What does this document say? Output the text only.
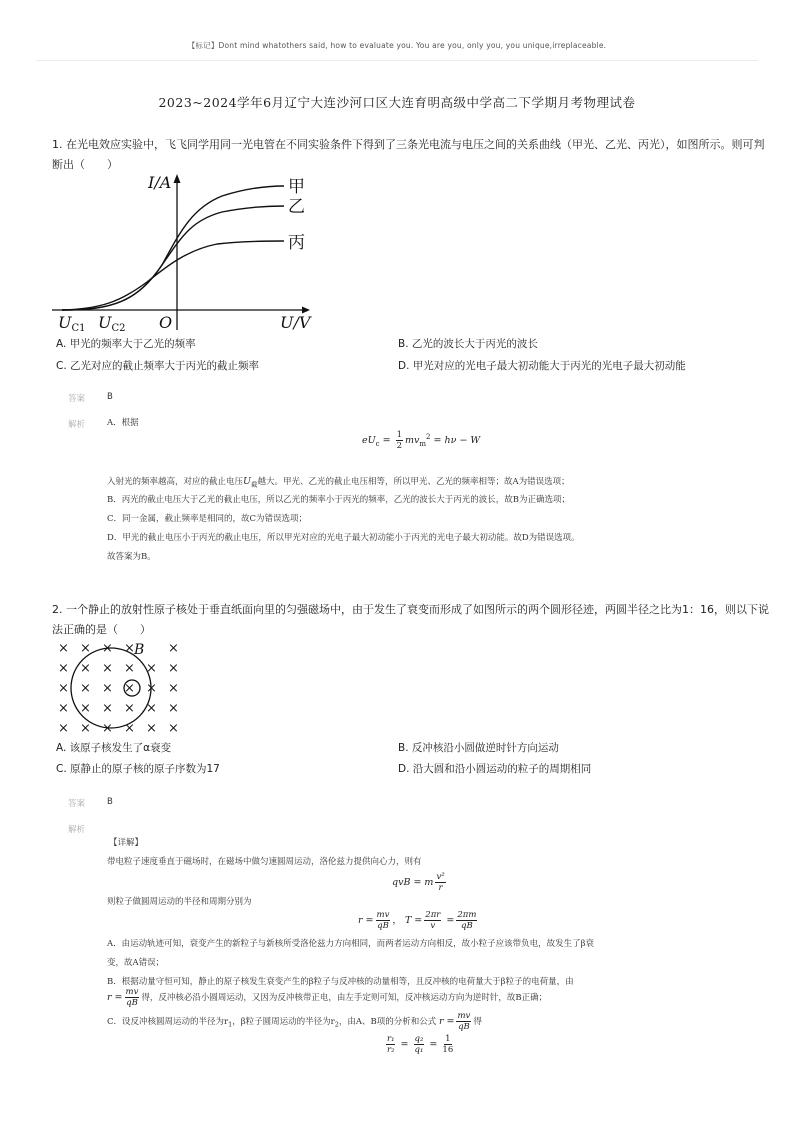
【标记】Dont mind whatothers said, how to evaluate you. You are you, only you, you unique,irreplaceable.
2023~2024学年6月辽宁大连沙河口区大连育明高级中学高二下学期月考物理试卷
1. 在光电效应实验中，飞飞同学用同一光电管在不同实验条件下得到了三条光电流与电压之间的关系曲线（甲光、乙光、丙光），如图所示。则可判
断出（　　）
I/A
U/V
O
UC1 UC2
甲
乙
丙
A. 甲光的频率大于乙光的频率	B. 乙光的波长大于丙光的波长
C. 乙光对应的截止频率大于丙光的截止频率	D. 甲光对应的光电子最大初动能大于丙光的光电子最大初动能
答案	B
解析	A．根据
$eU_c = \frac{1}{2} mv_m^2 = h\nu - W$
入射光的频率越高，对应的截止电压$U_截$越大。甲光、乙光的截止电压相等，所以甲光、乙光的频率相等；故A为错误选项；
B．丙光的截止电压大于乙光的截止电压，所以乙光的频率小于丙光的频率，乙光的波长大于丙光的波长，故B为正确选项；
C．同一金属，截止频率是相同的，故C为错误选项；
D．甲光的截止电压小于丙光的截止电压，所以甲光对应的光电子最大初动能小于丙光的光电子最大初动能。故D为错误选项。
故答案为B。
2. 一个静止的放射性原子核处于垂直纸面向里的匀强磁场中，由于发生了衰变而形成了如图所示的两个圆形径迹，两圆半径之比为1：16，则以下说
法正确的是（　　）
× × × ×	×
× × × × × ×
× × × × × ×
× × × × × ×
× × × × × ×
B
A. 该原子核发生了α衰变	B. 反冲核沿小圆做逆时针方向运动
C. 原静止的原子核的原子序数为17	D. 沿大圆和沿小圆运动的粒子的周期相同
答案	B
解析
【详解】
带电粒子速度垂直于磁场时，在磁场中做匀速圆周运动，洛伦兹力提供向心力，则有
qvB = m $\frac{\text{v²}}{r}$
则粒子做圆周运动的半径和周期分别为
$r = \frac{mv}{qB}$ ， $T = \frac{2\pi r}{v} = \frac{2\pi m}{qB}$
A．由运动轨迹可知，衰变产生的新粒子与新核所受洛伦兹力方向相同，而两者运动方向相反，故小粒子应该带负电，故发生了β衰
变，故A错误；
B．根据动量守恒可知，静止的原子核发生衰变产生的β粒子与反冲核的动量相等，且反冲核的电荷量大于β粒子的电荷量，由
$r = \frac{mv}{qB}$ 得，反冲核必沿小圆周运动，又因为反冲核带正电，由左手定则可知，反冲核运动方向为逆时针，故B正确；
C．设反冲核圆周运动的半径为$r_1$，β粒子圆周运动的半径为$r_2$，由A、B项的分析和公式 $r = \frac{mv}{qB}$ 得
$\frac{\text{r₁}}{\text{r₂}} = \frac{\text{q₂}}{\text{q₁}} = \frac{1}{16}$
